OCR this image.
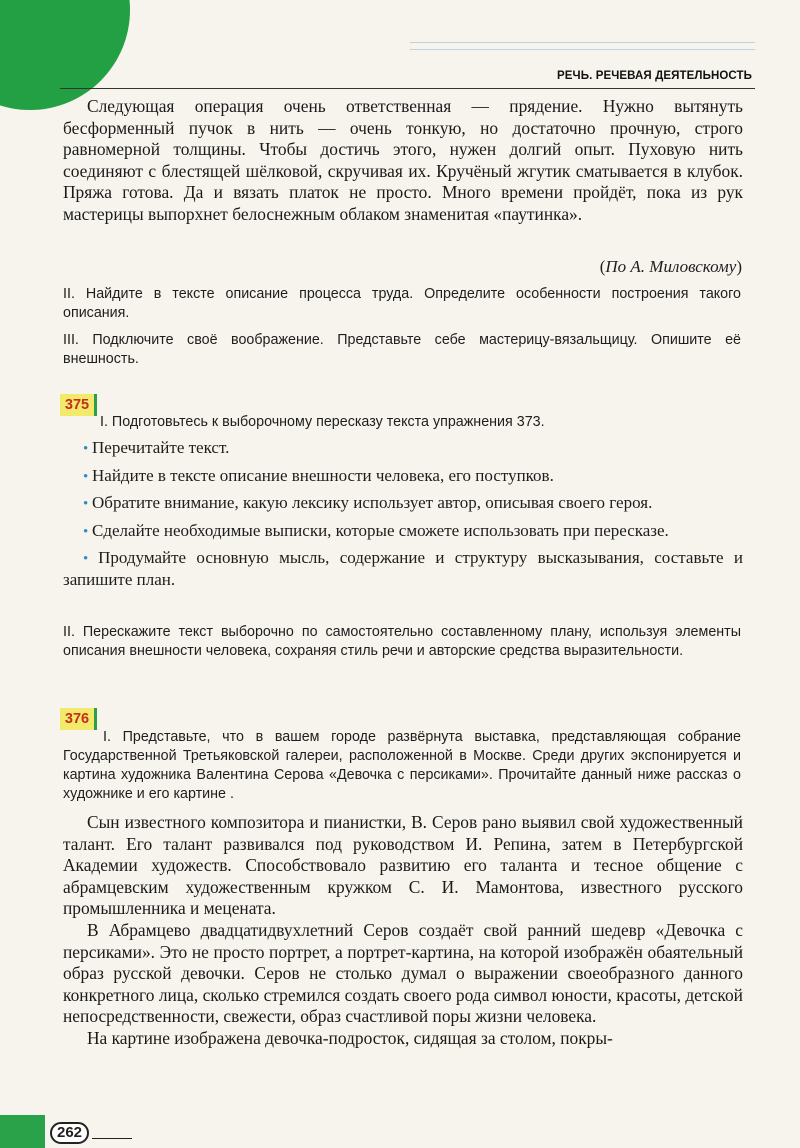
РЕЧЬ. РЕЧЕВАЯ ДЕЯТЕЛЬНОСТЬ

Следующая операция очень ответственная — прядение. Нужно вытянуть бесформенный пучок в нить — очень тонкую, но достаточно прочную, строго равномерной толщины. Чтобы достичь этого, нужен долгий опыт. Пуховую нить соединяют с блестящей шёлковой, скручивая их. Кручёный жгутик сматывается в клубок. Пряжа готова. Да и вязать платок не просто. Много времени пройдёт, пока из рук мастерицы выпорхнет белоснежным облаком знаменитая «паутинка».

(По А. Миловскому)
II. Найдите в тексте описание процесса труда. Определите особенности построения такого описания.
III. Подключите своё воображение. Представьте себе мастерицу-вязальщицу. Опишите её внешность.
375
I. Подготовьтесь к выборочному пересказу текста упражнения 373.
• Перечитайте текст.
• Найдите в тексте описание внешности человека, его поступков.
• Обратите внимание, какую лексику использует автор, описывая своего героя.
• Сделайте необходимые выписки, которые сможете использовать при пересказе.
• Продумайте основную мысль, содержание и структуру высказывания, составьте и запишите план.
II. Перескажите текст выборочно по самостоятельно составленному плану, используя элементы описания внешности человека, сохраняя стиль речи и авторские средства выразительности.
376
I. Представьте, что в вашем городе развёрнута выставка, представляющая собрание Государственной Третьяковской галереи, расположенной в Москве. Среди других экспонируется и картина художника Валентина Серова «Девочка с персиками». Прочитайте данный ниже рассказ о художнике и его картине .

Сын известного композитора и пианистки, В. Серов рано выявил свой художественный талант. Его талант развивался под руководством И. Репина, затем в Петербургской Академии художеств. Способствовало развитию его таланта и тесное общение с абрамцевским художественным кружком С. И. Мамонтова, известного русского промышленника и мецената.

В Абрамцево двадцатидвухлетний Серов создаёт свой ранний шедевр «Девочка с персиками». Это не просто портрет, а портрет-картина, на которой изображён обаятельный образ русской девочки. Серов не столько думал о выражении своеобразного данного конкретного лица, сколько стремился создать своего рода символ юности, красоты, детской непосредственности, свежести, образ счастливой поры жизни человека.

На картине изображена девочка-подросток, сидящая за столом, покры-

262
